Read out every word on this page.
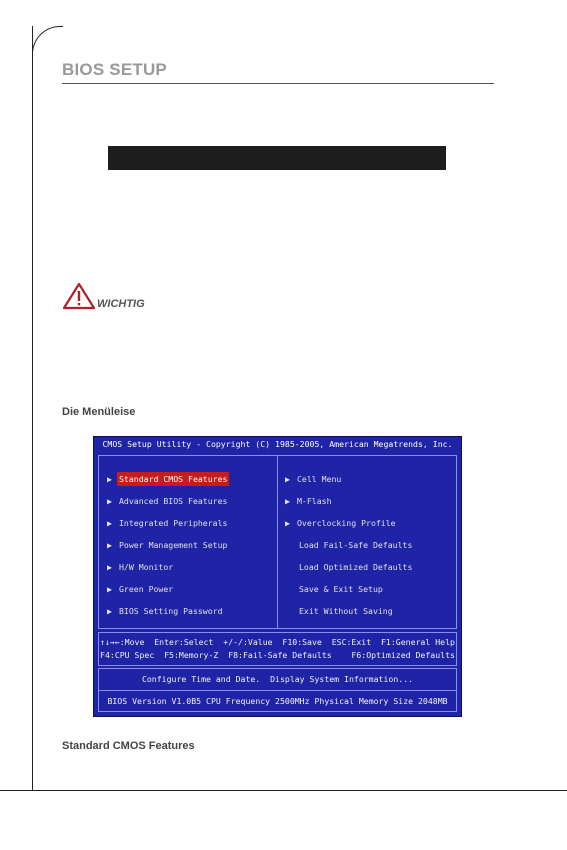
BIOS SETUP
WICHTIG
Die Menüleise
CMOS Setup Utility - Copyright (C) 1985-2005, American Megatrends, Inc.
▶ Standard CMOS Features
▶ Advanced BIOS Features
▶ Integrated Peripherals
▶ Power Management Setup
▶ H/W Monitor
▶ Green Power
▶ BIOS Setting Password
▶ Cell Menu
▶ M-Flash
▶ Overclocking Profile
Load Fail-Safe Defaults
Load Optimized Defaults
Save & Exit Setup
Exit Without Saving
↑↓→←:Move  Enter:Select  +/-/:Value  F10:Save  ESC:Exit  F1:General Help
F4:CPU Spec  F5:Memory-Z  F8:Fail-Safe Defaults    F6:Optimized Defaults
Configure Time and Date.  Display System Information...
BIOS Version V1.0B5 CPU Frequency 2500MHz Physical Memory Size 2048MB
Standard CMOS Features
